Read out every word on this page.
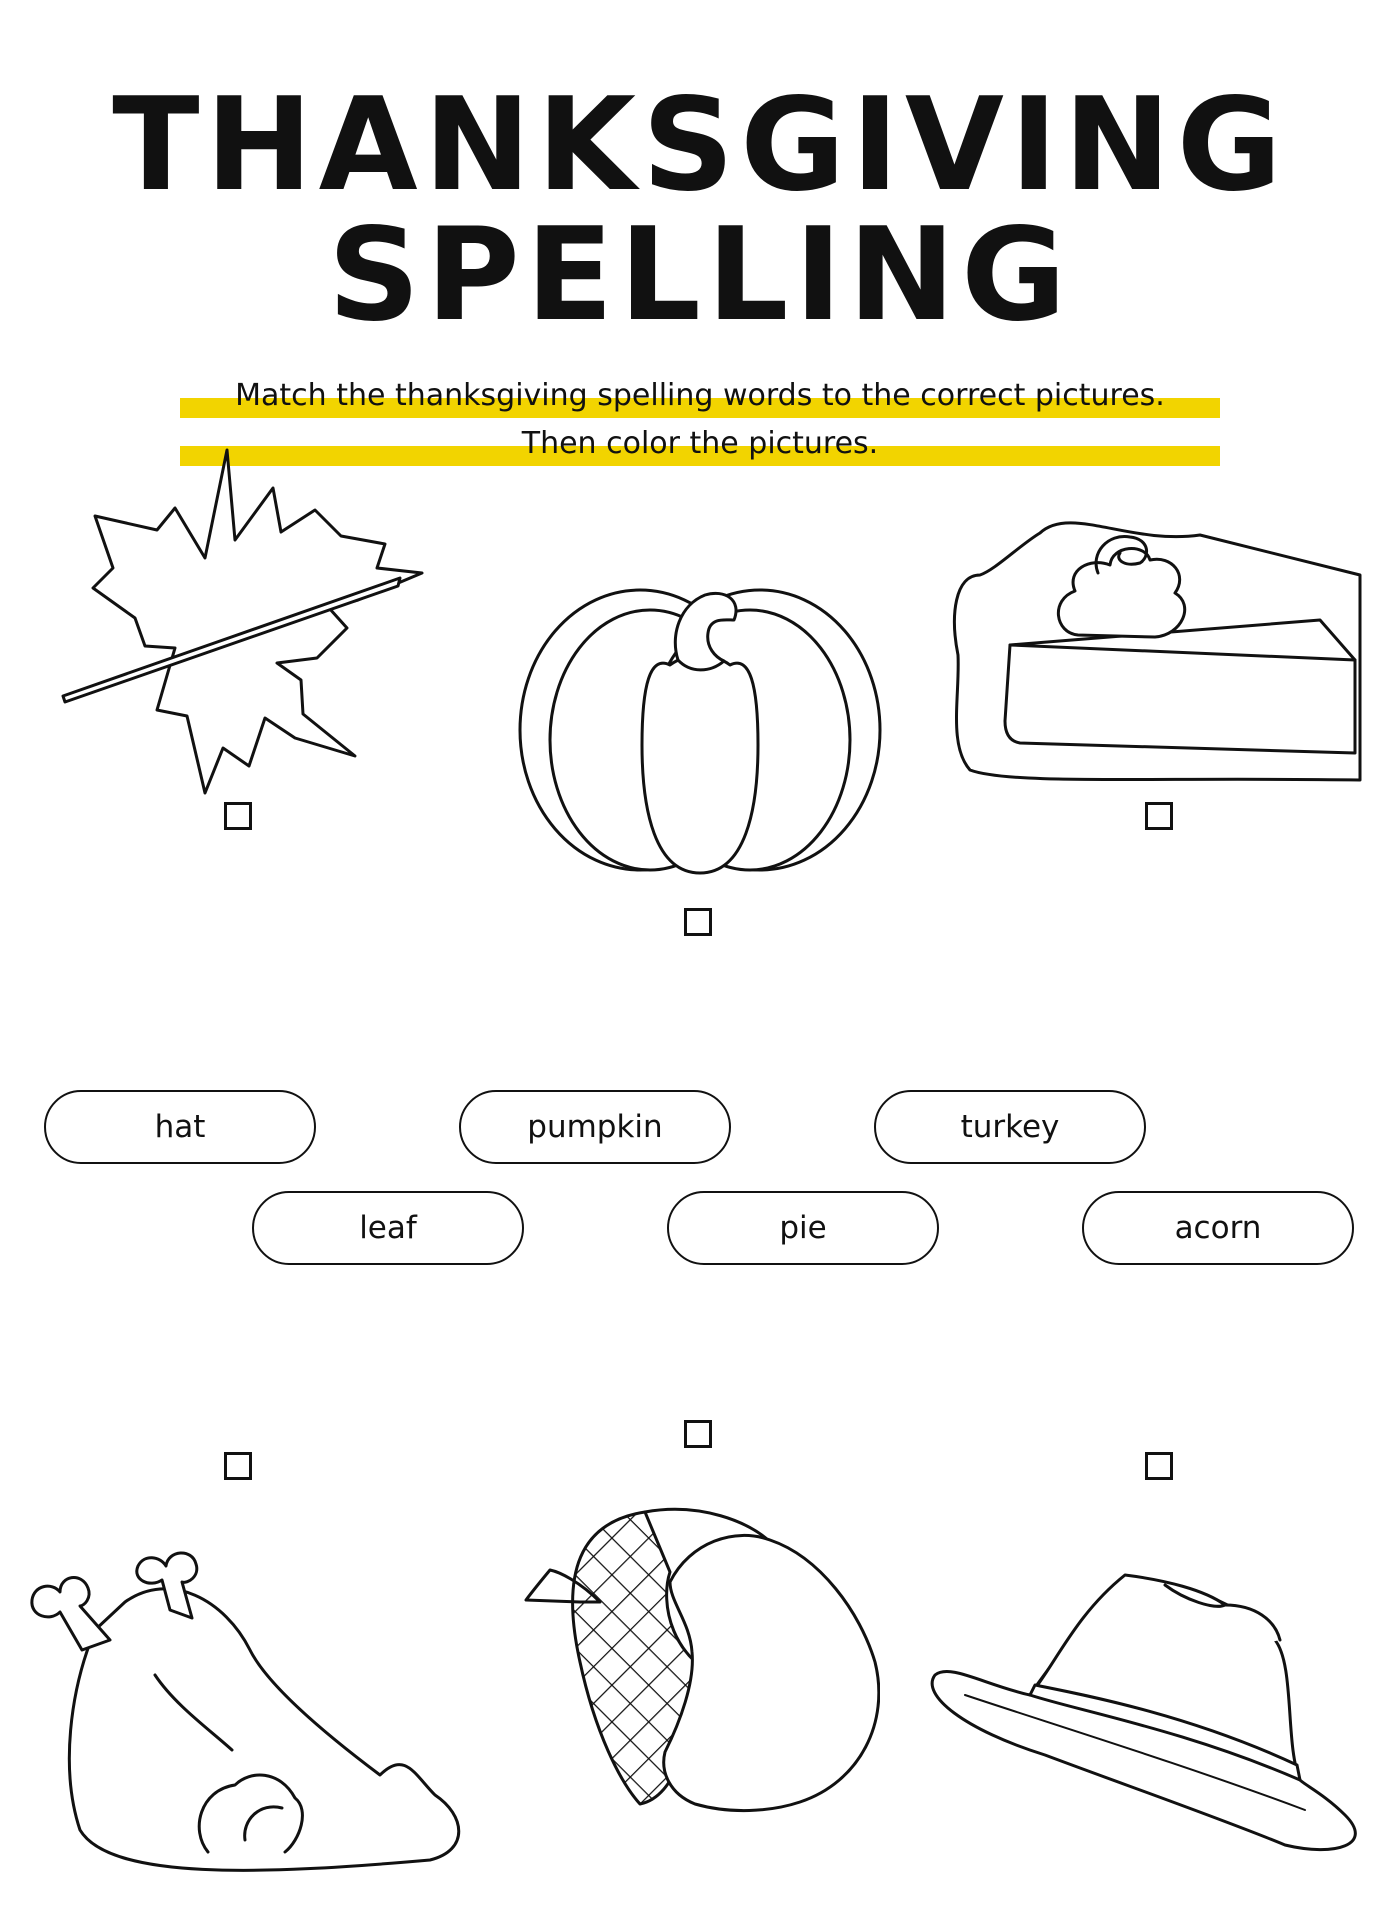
THANKSGIVING
SPELLING
Match the thanksgiving spelling words to the correct pictures.
Then color the pictures.
hat	pumpkin	turkey
leaf	pie	acorn
